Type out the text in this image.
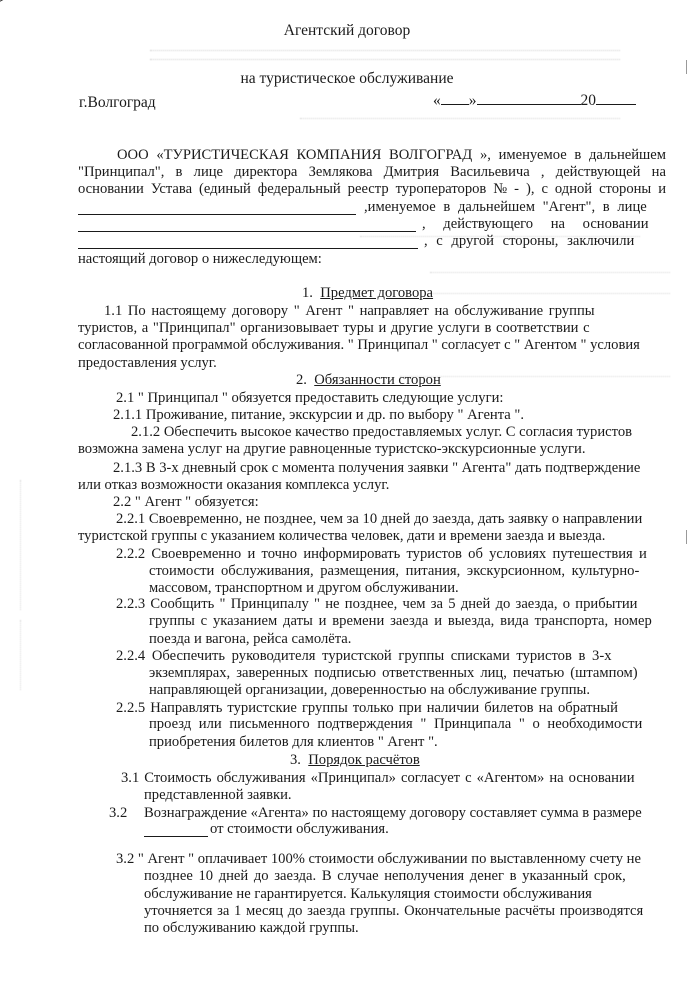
Агентский договор
на туристическое обслуживание
г.Волгоград	« »	20
ООО «ТУРИСТИЧЕСКАЯ КОМПАНИЯ ВОЛГОГРАД », именуемое в дальнейшем
"Принципал", в лице директора Землякова Дмитрия Васильевича , действующей на
основании Устава (единый федеральный реестр туроператоров № - ), с одной стороны и
,именуемое в дальнейшем "Агент", в лице
, действующего на основании
, с другой стороны, заключили
настоящий договор о нижеследующем:
1. Предмет договора
1.1 По настоящему договору " Агент " направляет на обслуживание группы
туристов, а "Принципал" организовывает туры и другие услуги в соответствии с
согласованной программой обслуживания. " Принципал " согласует с " Агентом " условия
предоставления услуг.
2. Обязанности сторон
2.1 " Принципал " обязуется предоставить следующие услуги:
2.1.1 Проживание, питание, экскурсии и др. по выбору " Агента ".
2.1.2 Обеспечить высокое качество предоставляемых услуг. С согласия туристов
возможна замена услуг на другие равноценные туристско-экскурсионные услуги.
2.1.3 В 3-х дневный срок с момента получения заявки " Агента" дать подтверждение
или отказ возможности оказания комплекса услуг.
2.2 " Агент " обязуется:
2.2.1 Своевременно, не позднее, чем за 10 дней до заезда, дать заявку о направлении
туристской группы с указанием количества человек, дати и времени заезда и выезда.
2.2.2 Своевременно и точно информировать туристов об условиях путешествия и
стоимости обслуживания, размещения, питания, экскурсионном, культурно-
массовом, транспортном и другом обслуживании.
2.2.3 Сообщить " Принципалу " не позднее, чем за 5 дней до заезда, о прибытии
группы с указанием даты и времени заезда и выезда, вида транспорта, номер
поезда и вагона, рейса самолёта.
2.2.4 Обеспечить руководителя туристской группы списками туристов в 3-х
экземплярах, заверенных подписью ответственных лиц, печатью (штампом)
направляющей организации, доверенностью на обслуживание группы.
2.2.5 Направлять туристские группы только при наличии билетов на обратный
проезд или письменного подтверждения " Принципала " о необходимости
приобретения билетов для клиентов " Агент ".
3. Порядок расчётов
3.1 Стоимость обслуживания «Принципал» согласует с «Агентом» на основании
представленной заявки.
3.2 Вознаграждение «Агента» по настоящему договору составляет сумма в размере
от стоимости обслуживания.
3.2 " Агент " оплачивает 100% стоимости обслуживании по выставленному счету не
позднее 10 дней до заезда. В случае неполучения денег в указанный срок,
обслуживание не гарантируется. Калькуляция стоимости обслуживания
уточняется за 1 месяц до заезда группы. Окончательные расчёты производятся
по обслуживанию каждой группы.
